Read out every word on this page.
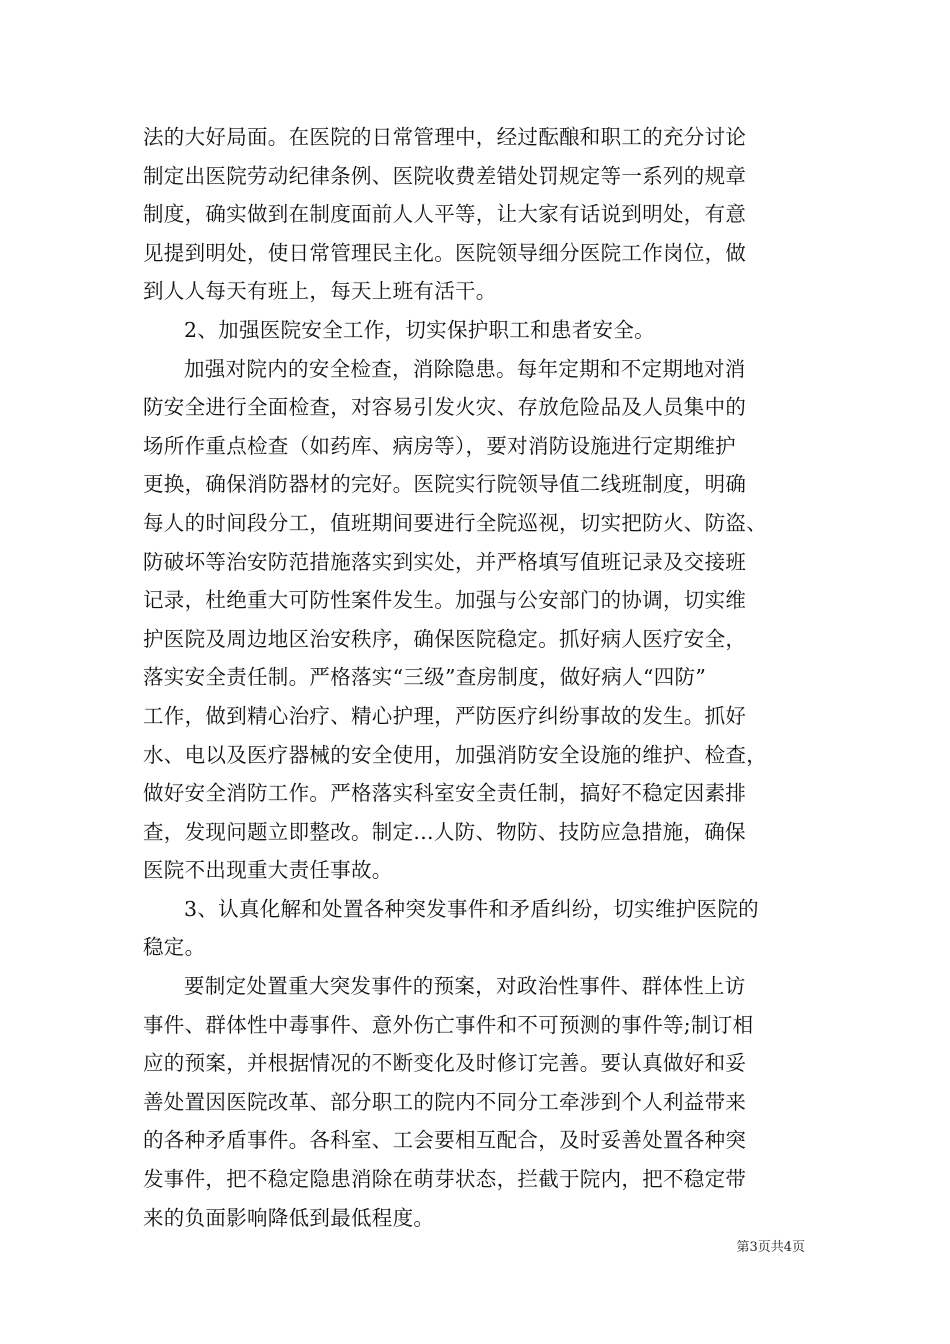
法的大好局面。在医院的日常管理中，经过酝酿和职工的充分讨论
制定出医院劳动纪律条例、医院收费差错处罚规定等一系列的规章
制度，确实做到在制度面前人人平等，让大家有话说到明处，有意
见提到明处，使日常管理民主化。医院领导细分医院工作岗位，做
到人人每天有班上，每天上班有活干。
2、加强医院安全工作，切实保护职工和患者安全。
加强对院内的安全检查，消除隐患。每年定期和不定期地对消
防安全进行全面检查，对容易引发火灾、存放危险品及人员集中的
场所作重点检查（如药库、病房等），要对消防设施进行定期维护
更换，确保消防器材的完好。医院实行院领导值二线班制度，明确
每人的时间段分工，值班期间要进行全院巡视，切实把防火、防盗、
防破坏等治安防范措施落实到实处，并严格填写值班记录及交接班
记录，杜绝重大可防性案件发生。加强与公安部门的协调，切实维
护医院及周边地区治安秩序，确保医院稳定。抓好病人医疗安全，
落实安全责任制。严格落实“三级”查房制度，做好病人“四防”
工作，做到精心治疗、精心护理，严防医疗纠纷事故的发生。抓好
水、电以及医疗器械的安全使用，加强消防安全设施的维护、检查，
做好安全消防工作。严格落实科室安全责任制，搞好不稳定因素排
查，发现问题立即整改。制定...人防、物防、技防应急措施，确保
医院不出现重大责任事故。
3、认真化解和处置各种突发事件和矛盾纠纷，切实维护医院的
稳定。
要制定处置重大突发事件的预案，对政治性事件、群体性上访
事件、群体性中毒事件、意外伤亡事件和不可预测的事件等;制订相
应的预案，并根据情况的不断变化及时修订完善。要认真做好和妥
善处置因医院改革、部分职工的院内不同分工牵涉到个人利益带来
的各种矛盾事件。各科室、工会要相互配合，及时妥善处置各种突
发事件，把不稳定隐患消除在萌芽状态，拦截于院内，把不稳定带
来的负面影响降低到最低程度。
第3页共4页
